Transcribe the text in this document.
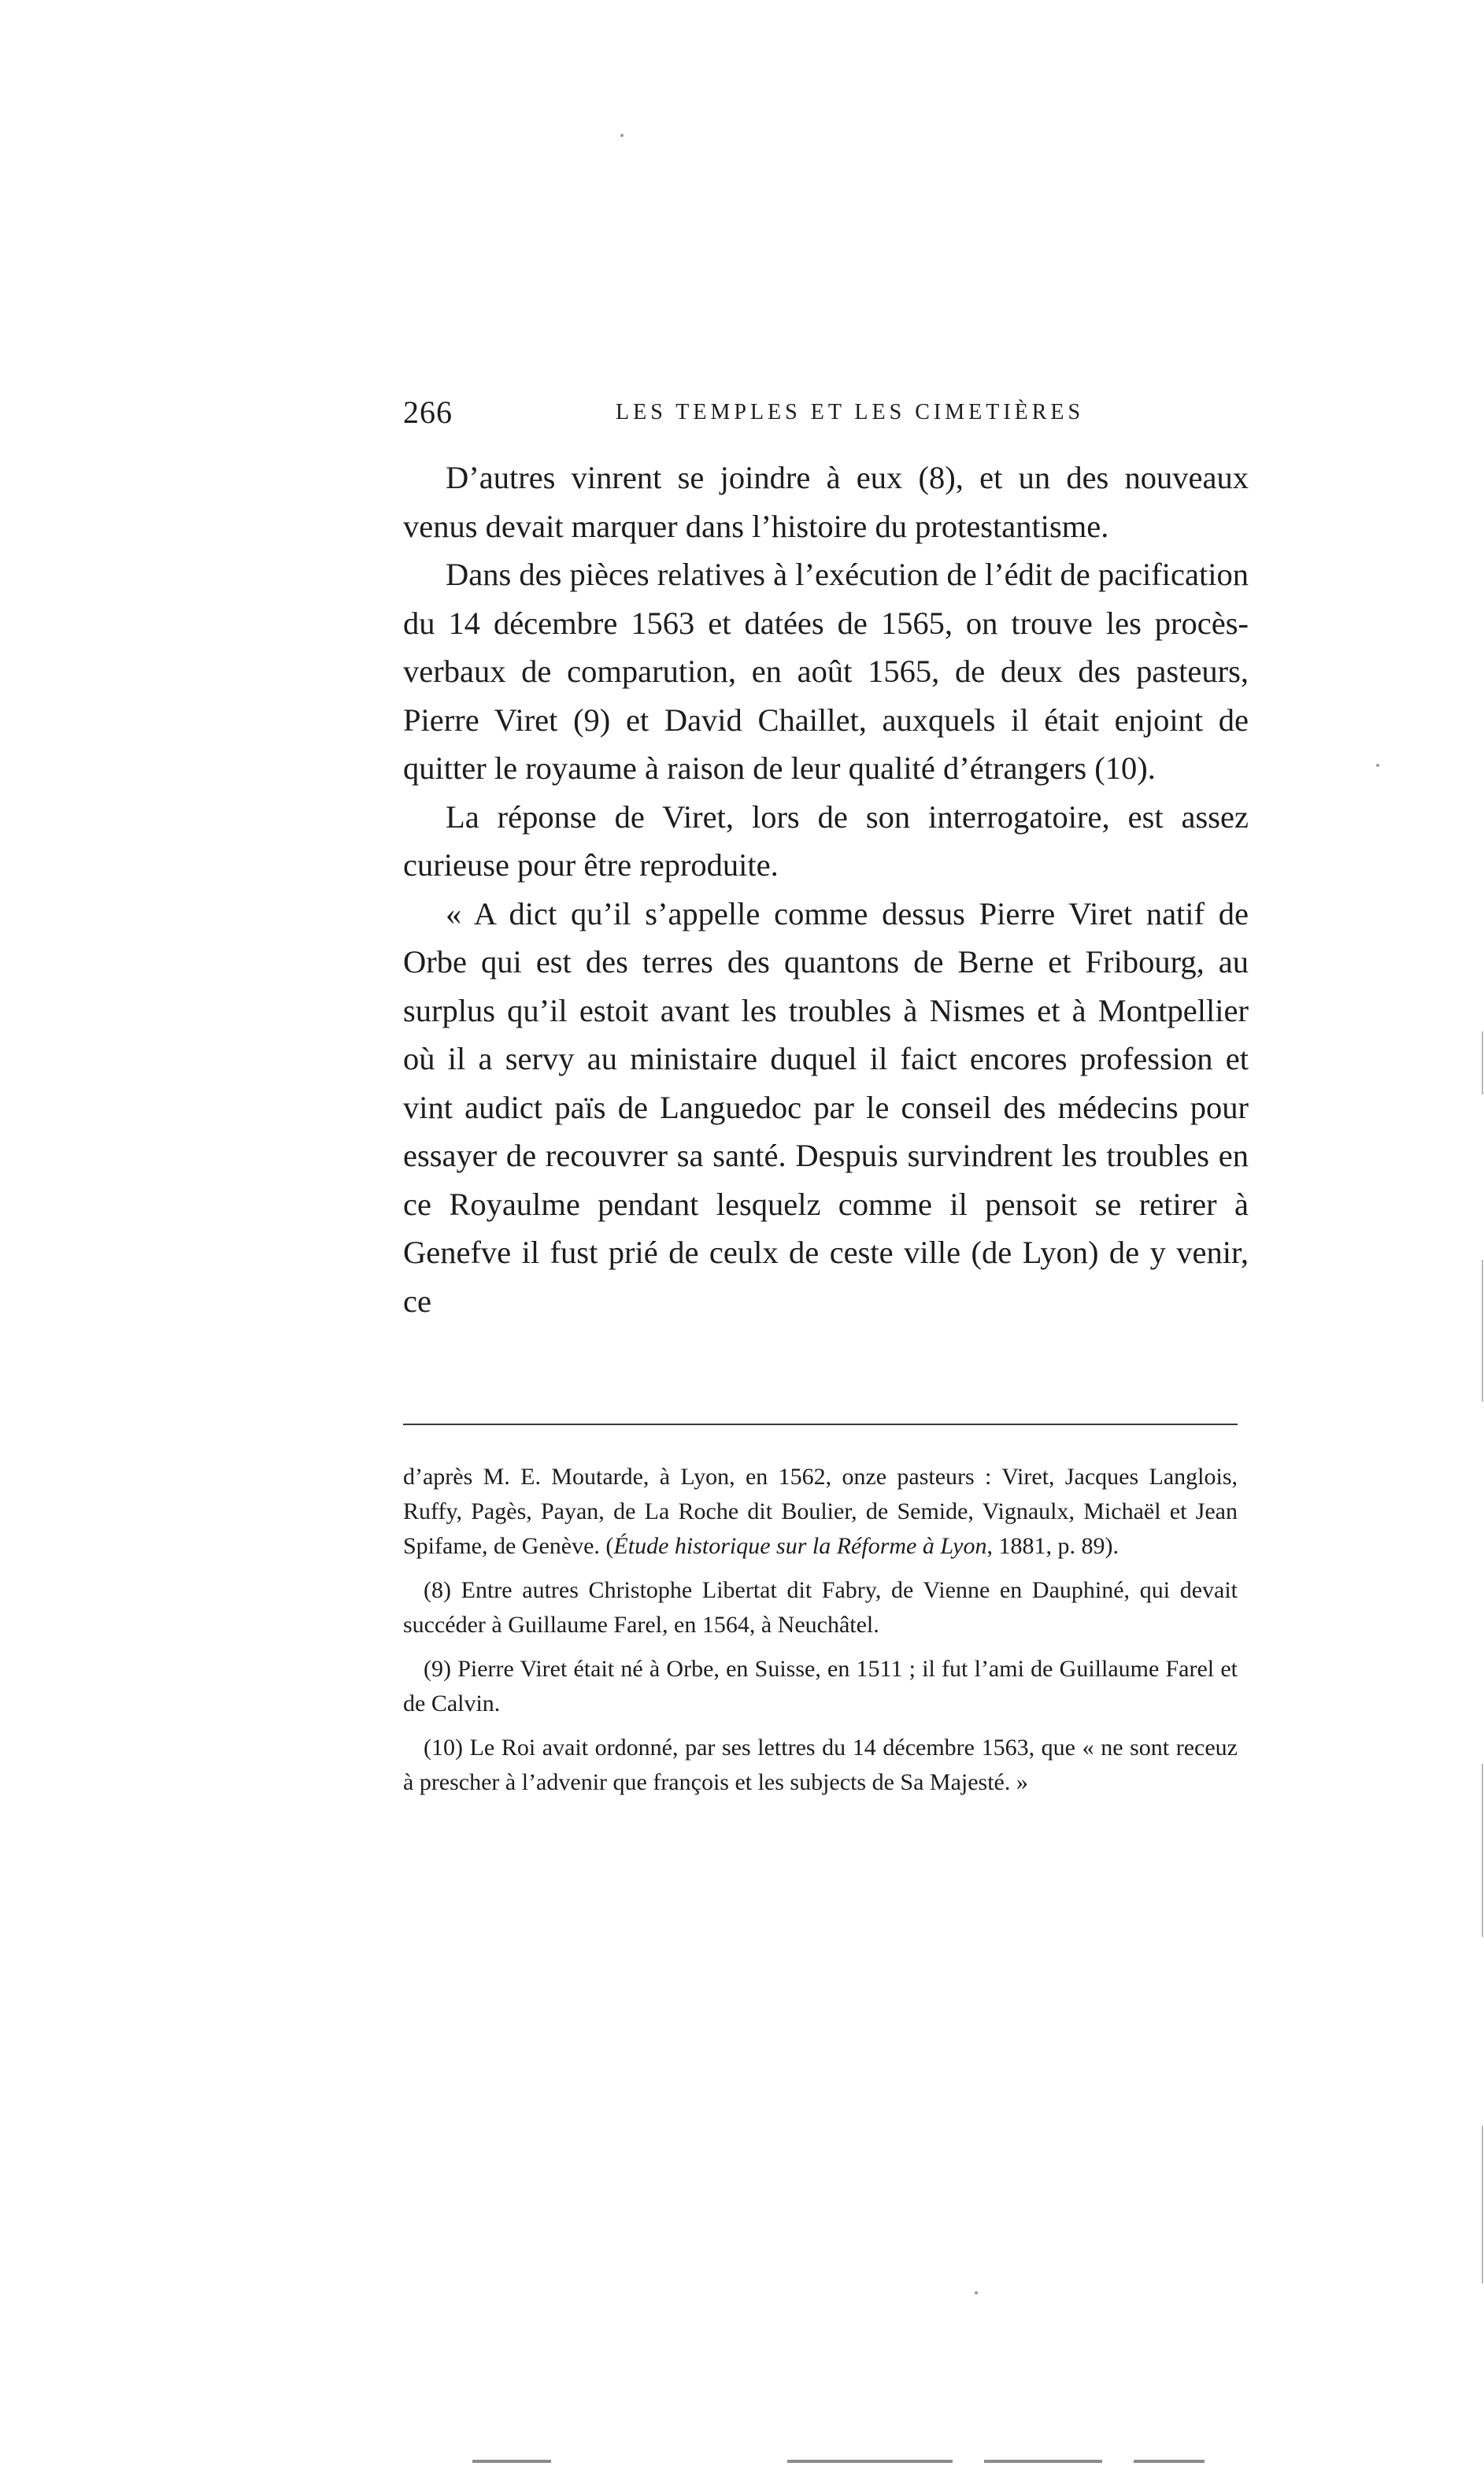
266	LES TEMPLES ET LES CIMETIÈRES

D’autres vinrent se joindre à eux (8), et un des nouveaux venus devait marquer dans l’histoire du protestantisme.

Dans des pièces relatives à l’exécution de l’édit de pacification du 14 décembre 1563 et datées de 1565, on trouve les procès-verbaux de comparution, en août 1565, de deux des pasteurs, Pierre Viret (9) et David Chaillet, auxquels il était enjoint de quitter le royaume à raison de leur qualité d’étrangers (10).

La réponse de Viret, lors de son interrogatoire, est assez curieuse pour être reproduite.

« A dict qu’il s’appelle comme dessus Pierre Viret natif de Orbe qui est des terres des quantons de Berne et Fribourg, au surplus qu’il estoit avant les troubles à Nismes et à Montpellier où il a servy au ministaire duquel il faict encores profession et vint audict païs de Languedoc par le conseil des médecins pour essayer de recouvrer sa santé. Despuis survindrent les troubles en ce Royaulme pendant lesquelz comme il pensoit se retirer à Genefve il fust prié de ceulx de ceste ville (de Lyon) de y venir, ce

d’après M. E. Moutarde, à Lyon, en 1562, onze pasteurs : Viret, Jacques Langlois, Ruffy, Pagès, Payan, de La Roche dit Boulier, de Semide, Vignaulx, Michaël et Jean Spifame, de Genève. (Étude historique sur la Réforme à Lyon, 1881, p. 89).

(8) Entre autres Christophe Libertat dit Fabry, de Vienne en Dauphiné, qui devait succéder à Guillaume Farel, en 1564, à Neuchâtel.

(9) Pierre Viret était né à Orbe, en Suisse, en 1511 ; il fut l’ami de Guillaume Farel et de Calvin.

(10) Le Roi avait ordonné, par ses lettres du 14 décembre 1563, que « ne sont receuz à prescher à l’advenir que françois et les subjects de Sa Majesté. »
